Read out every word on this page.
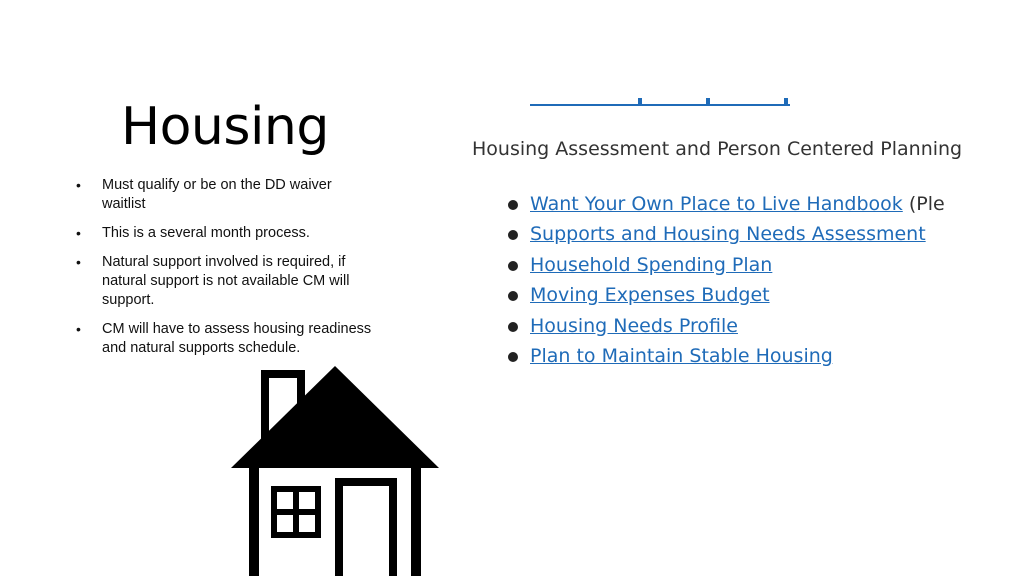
Housing
• Must qualify or be on the DD waiver waitlist
• This is a several month process.
• Natural support involved is required, if natural support is not available CM will support.
• CM will have to assess housing readiness and natural supports schedule.
Housing Assessment and Person Centered Planning
Want Your Own Place to Live Handbook (Ple
Supports and Housing Needs Assessment
Household Spending Plan
Moving Expenses Budget
Housing Needs Profile
Plan to Maintain Stable Housing
